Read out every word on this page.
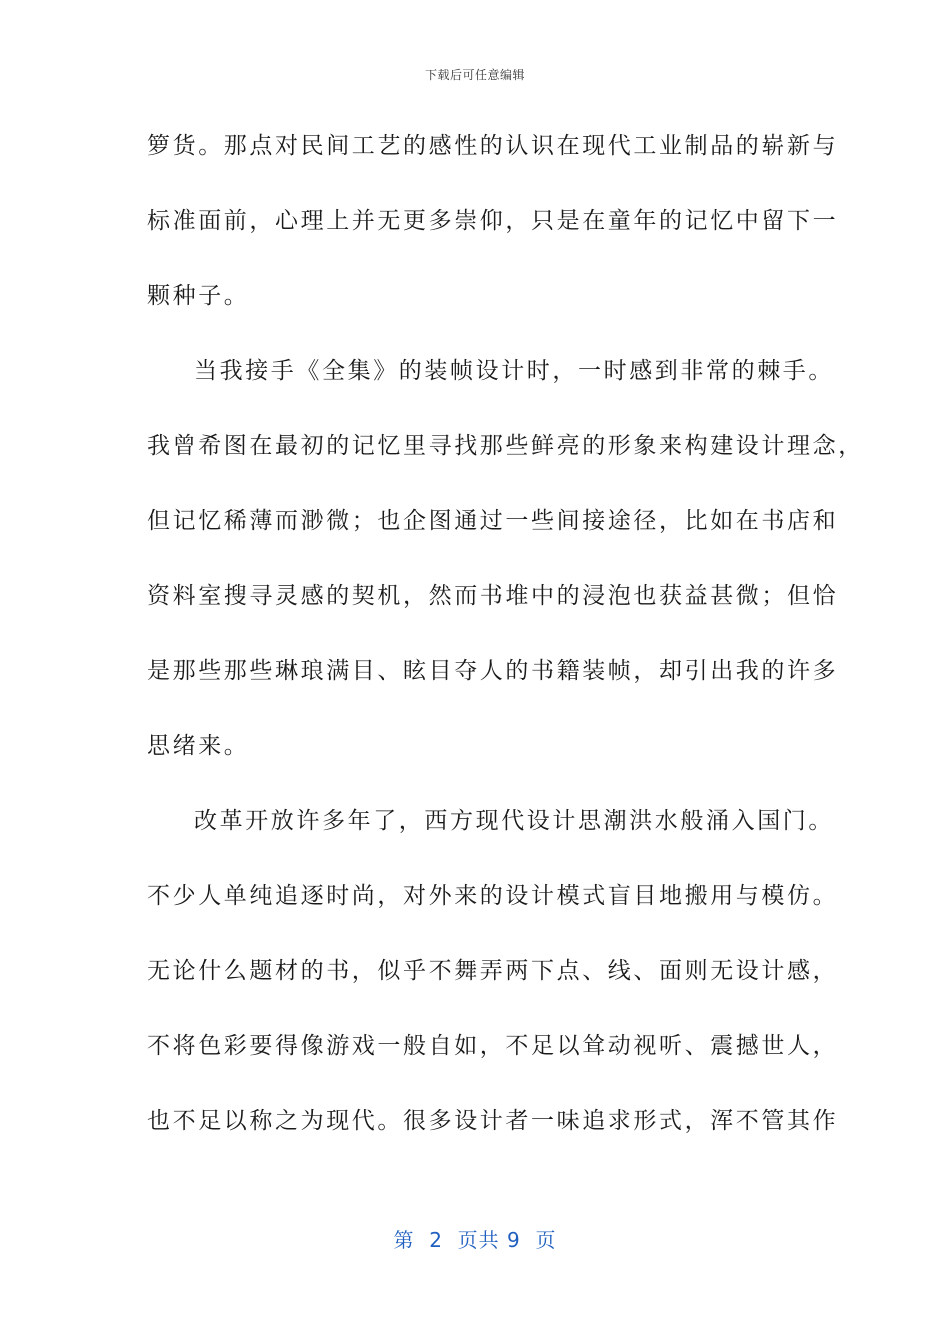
下载后可任意编辑
箩货。那点对民间工艺的感性的认识在现代工业制品的崭新与
标准面前，心理上并无更多崇仰，只是在童年的记忆中留下一
颗种子。
当我接手《全集》的装帧设计时，一时感到非常的棘手。
我曾希图在最初的记忆里寻找那些鲜亮的形象来构建设计理念，
但记忆稀薄而渺微；也企图通过一些间接途径，比如在书店和
资料室搜寻灵感的契机，然而书堆中的浸泡也获益甚微；但恰
是那些那些琳琅满目、眩目夺人的书籍装帧，却引出我的许多
思绪来。
改革开放许多年了，西方现代设计思潮洪水般涌入国门。
不少人单纯追逐时尚，对外来的设计模式盲目地搬用与模仿。
无论什么题材的书，似乎不舞弄两下点、线、面则无设计感，
不将色彩要得像游戏一般自如，不足以耸动视听、震撼世人，
也不足以称之为现代。很多设计者一味追求形式，浑不管其作
第  2  页共 9  页
